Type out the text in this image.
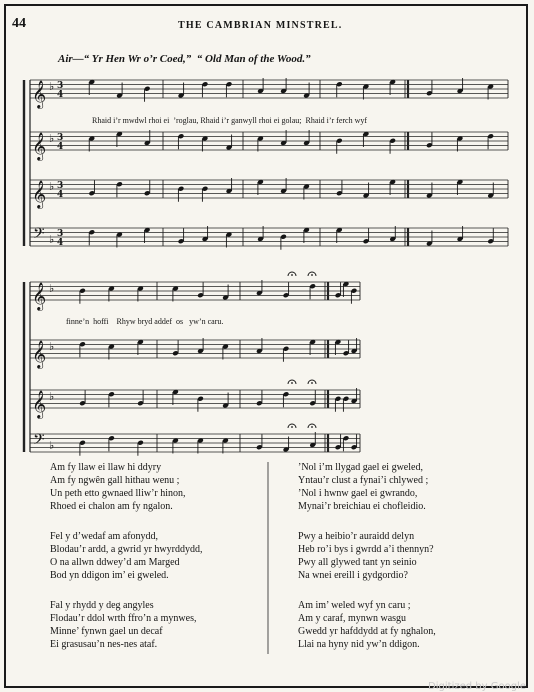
44	THE CAMBRIAN MINSTREL.
Air—“ Yr Hen Wr o’r Coed,”  “ Old Man of the Wood.”
𝄞 ♭ 3
4
𝄞 ♭ 3
4
𝄞 ♭ 3
4
𝄢 ♭ 3
4
𝄞 ♭
𝄞 ♭
𝄞 ♭
𝄢 ♭
Rhaid i’r mwdwl rhoi ei  ’roglau, Rhaid i’r ganwyll rhoi ei golau;  Rhaid i’r ferch wyf
finne’n  hoffi    Rhyw bryd addef  os   yw’n caru.
Am fy llaw ei llaw hi ddyry
Am fy ngwên gall hithau wenu ;
Un peth etto gwnaed lliw’r hinon,
Rhoed ei chalon am fy ngalon.
Fel y d’wedaf am afonydd,
Blodau’r ardd, a gwrid yr hwyrddydd,
O na allwn ddwey’d am Marged
Bod yn ddigon im’ ei gweled.
Fal y rhydd y deg angyles
Flodau’r ddol wrth ffro’n a mynwes,
Minne’ fynwn gael un decaf
Ei grasusau’n nes-nes ataf.
’Nol i’m llygad gael ei gweled,
Yntau’r clust a fynai’i chlywed ;
’Nol i hwnw gael ei gwrando,
Mynai’r breichiau ei chofleidio.
Pwy a heibio’r auraidd delyn
Heb ro’i bys i gwrdd a’i thennyn?
Pwy all glywed tant yn seinio
Na wnei ereill i gydgordio?
Am im’ weled wyf yn caru ;
Am y caraf, mynwn wasgu
Gwedd yr hafddydd at fy nghalon,
Llai na hyny nid yw’n ddigon.
Digitized by Google
